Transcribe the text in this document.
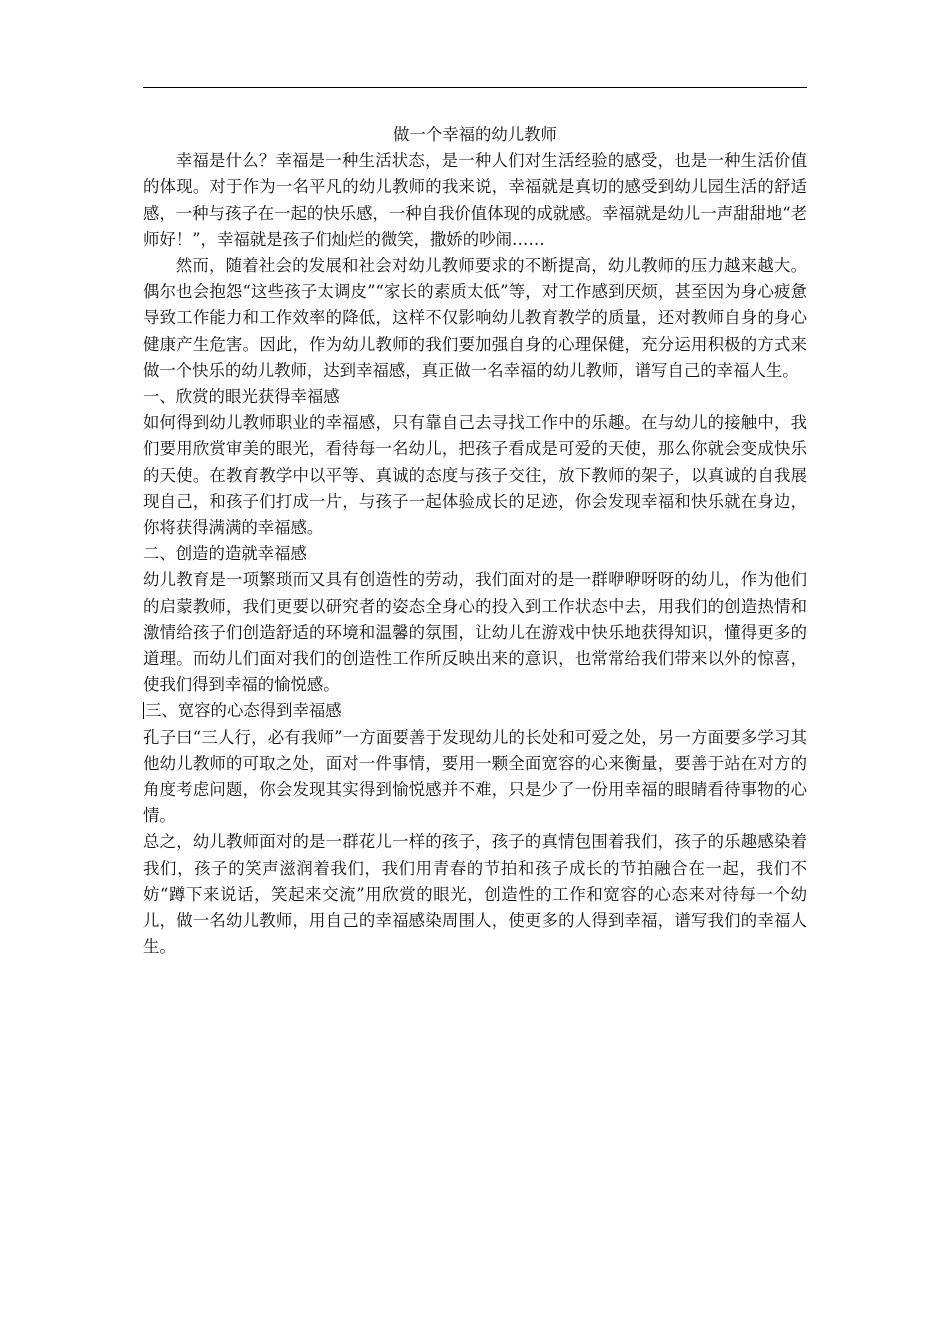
做一个幸福的幼儿教师

幸福是什么？幸福是一种生活状态，是一种人们对生活经验的感受，也是一种生活价值的体现。对于作为一名平凡的幼儿教师的我来说，幸福就是真切的感受到幼儿园生活的舒适感，一种与孩子在一起的快乐感，一种自我价值体现的成就感。幸福就是幼儿一声甜甜地“老师好！”，幸福就是孩子们灿烂的微笑，撒娇的吵闹……

然而，随着社会的发展和社会对幼儿教师要求的不断提高，幼儿教师的压力越来越大。偶尔也会抱怨“这些孩子太调皮”“家长的素质太低”等，对工作感到厌烦，甚至因为身心疲惫导致工作能力和工作效率的降低，这样不仅影响幼儿教育教学的质量，还对教师自身的身心健康产生危害。因此，作为幼儿教师的我们要加强自身的心理保健，充分运用积极的方式来做一个快乐的幼儿教师，达到幸福感，真正做一名幸福的幼儿教师，谱写自己的幸福人生。

一、欣赏的眼光获得幸福感

如何得到幼儿教师职业的幸福感，只有靠自己去寻找工作中的乐趣。在与幼儿的接触中，我们要用欣赏审美的眼光，看待每一名幼儿，把孩子看成是可爱的天使，那么你就会变成快乐的天使。在教育教学中以平等、真诚的态度与孩子交往，放下教师的架子，以真诚的自我展现自己，和孩子们打成一片，与孩子一起体验成长的足迹，你会发现幸福和快乐就在身边，你将获得满满的幸福感。

二、创造的造就幸福感

幼儿教育是一项繁琐而又具有创造性的劳动，我们面对的是一群咿咿呀呀的幼儿，作为他们的启蒙教师，我们更要以研究者的姿态全身心的投入到工作状态中去，用我们的创造热情和激情给孩子们创造舒适的环境和温馨的氛围，让幼儿在游戏中快乐地获得知识，懂得更多的道理。而幼儿们面对我们的创造性工作所反映出来的意识，也常常给我们带来以外的惊喜，使我们得到幸福的愉悦感。

三、宽容的心态得到幸福感

孔子曰“三人行，必有我师”一方面要善于发现幼儿的长处和可爱之处，另一方面要多学习其他幼儿教师的可取之处，面对一件事情，要用一颗全面宽容的心来衡量，要善于站在对方的角度考虑问题，你会发现其实得到愉悦感并不难，只是少了一份用幸福的眼睛看待事物的心情。

总之，幼儿教师面对的是一群花儿一样的孩子，孩子的真情包围着我们，孩子的乐趣感染着我们，孩子的笑声滋润着我们，我们用青春的节拍和孩子成长的节拍融合在一起，我们不妨“蹲下来说话，笑起来交流”用欣赏的眼光，创造性的工作和宽容的心态来对待每一个幼儿，做一名幼儿教师，用自己的幸福感染周围人，使更多的人得到幸福，谱写我们的幸福人生。
